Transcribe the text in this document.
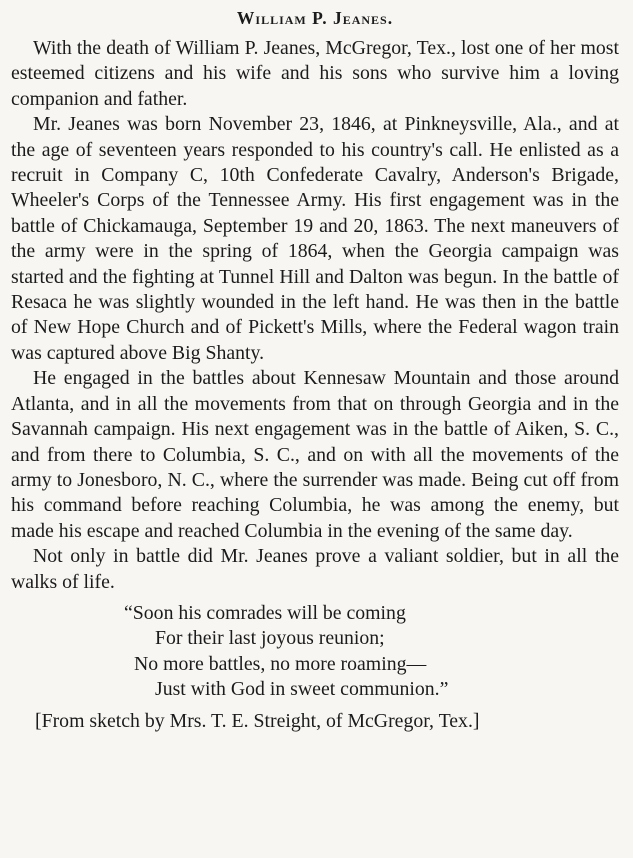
William P. Jeanes.

With the death of William P. Jeanes, McGregor, Tex., lost one of her most esteemed citizens and his wife and his sons who survive him a loving companion and father.

Mr. Jeanes was born November 23, 1846, at Pinkneysville, Ala., and at the age of seventeen years responded to his country's call. He enlisted as a recruit in Company C, 10th Confederate Cavalry, Anderson's Brigade, Wheeler's Corps of the Tennessee Army. His first engagement was in the battle of Chickamauga, September 19 and 20, 1863. The next maneuvers of the army were in the spring of 1864, when the Georgia campaign was started and the fighting at Tunnel Hill and Dalton was begun. In the battle of Resaca he was slightly wounded in the left hand. He was then in the battle of New Hope Church and of Pickett's Mills, where the Federal wagon train was captured above Big Shanty.

He engaged in the battles about Kennesaw Mountain and those around Atlanta, and in all the movements from that on through Georgia and in the Savannah campaign. His next engagement was in the battle of Aiken, S. C., and from there to Columbia, S. C., and on with all the movements of the army to Jonesboro, N. C., where the surrender was made. Being cut off from his command before reaching Columbia, he was among the enemy, but made his escape and reached Columbia in the evening of the same day.

Not only in battle did Mr. Jeanes prove a valiant soldier, but in all the walks of life.

“Soon his comrades will be coming
For their last joyous reunion;
No more battles, no more roaming—
Just with God in sweet communion.”

[From sketch by Mrs. T. E. Streight, of McGregor, Tex.]
